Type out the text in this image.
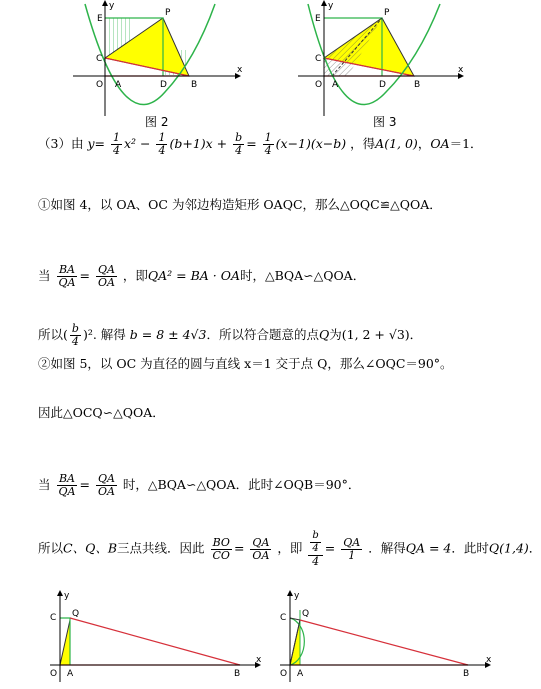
y
x
E
P
C
O A	D	B
图 2
y
x
E
P
C
O A	D	B
图 3
（3）由 $y= \frac{1}{4} x^2 - \frac{1}{4} (b+1)x + \frac{b}{4} = \frac{1}{4} (x-1)(x-b)$ ，得A(1, 0)，OA＝1．
①如图 4，以 OA、OC 为邻边构造矩形 OAQC，那么△OQC≌△QOA．
当 $\frac{BA}{QA} = \frac{QA}{OA}$ ，即QA² = BA · OA时，△BQA∽△QOA．
所以( $\frac{b}{4} )^2$. 解得 b = 8 ± 4√3．所以符合题意的点Q为(1, 2 + √3)．
②如图 5，以 OC 为直径的圆与直线 x＝1 交于点 Q，那么∠OQC＝90°。
因此△OCQ∽△QOA．
当 $\frac{BA}{QA} = \frac{QA}{OA}$ 时，△BQA∽△QOA．此时∠OQB＝90°．
所以C、Q、B三点共线．因此 $\frac{BO}{CO} = \frac{QA}{OA}$ ，即 $\frac{\frac{b}{4}}{4} = \frac{QA}{1}$ ．解得QA = 4．此时Q(1,4)．
y
x
C Q
O A	B
y
x
C Q
O A	B
